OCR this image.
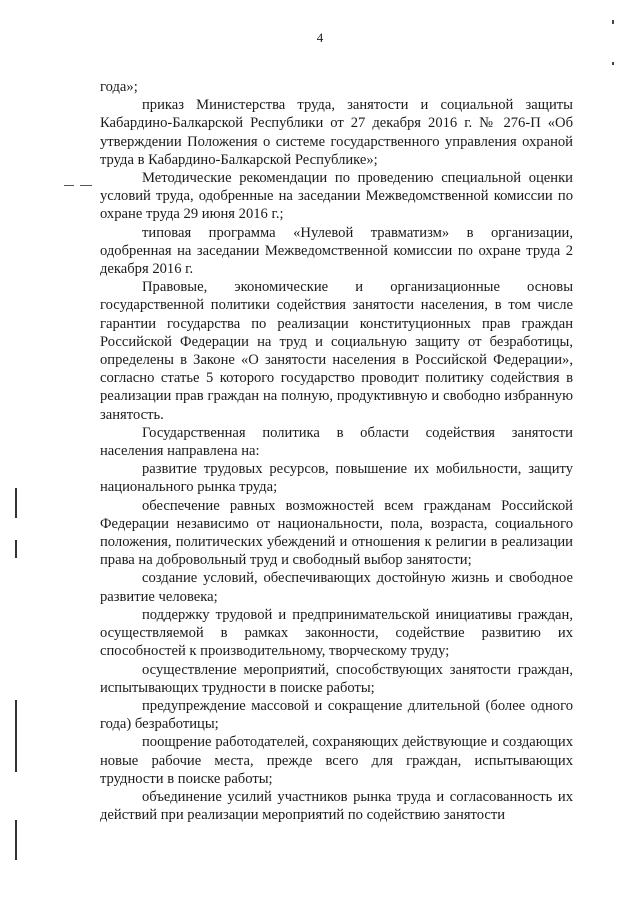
4

года»;

приказ Министерства труда, занятости и социальной защиты Кабардино-Балкарской Республики от 27 декабря 2016 г. № 276-П «Об утверждении Положения о системе государственного управления охраной труда в Кабардино-Балкарской Республике»;

Методические рекомендации по проведению специальной оценки условий труда, одобренные на заседании Межведомственной комиссии по охране труда 29 июня 2016 г.;

типовая программа «Нулевой травматизм» в организации, одобренная на заседании Межведомственной комиссии по охране труда 2 декабря 2016 г.

Правовые, экономические и организационные основы государственной политики содействия занятости населения, в том числе гарантии государства по реализации конституционных прав граждан Российской Федерации на труд и социальную защиту от безработицы, определены в Законе «О занятости населения в Российской Федерации», согласно статье 5 которого государство проводит политику содействия в реализации прав граждан на полную, продуктивную и свободно избранную занятость.

Государственная политика в области содействия занятости населения направлена на:

развитие трудовых ресурсов, повышение их мобильности, защиту национального рынка труда;

обеспечение равных возможностей всем гражданам Российской Федерации независимо от национальности, пола, возраста, социального положения, политических убеждений и отношения к религии в реализации права на добровольный труд и свободный выбор занятости;

создание условий, обеспечивающих достойную жизнь и свободное развитие человека;

поддержку трудовой и предпринимательской инициативы граждан, осуществляемой в рамках законности, содействие развитию их способностей к производительному, творческому труду;

осуществление мероприятий, способствующих занятости граждан, испытывающих трудности в поиске работы;

предупреждение массовой и сокращение длительной (более одного года) безработицы;

поощрение работодателей, сохраняющих действующие и создающих новые рабочие места, прежде всего для граждан, испытывающих трудности в поиске работы;

объединение усилий участников рынка труда и согласованность их действий при реализации мероприятий по содействию занятости
